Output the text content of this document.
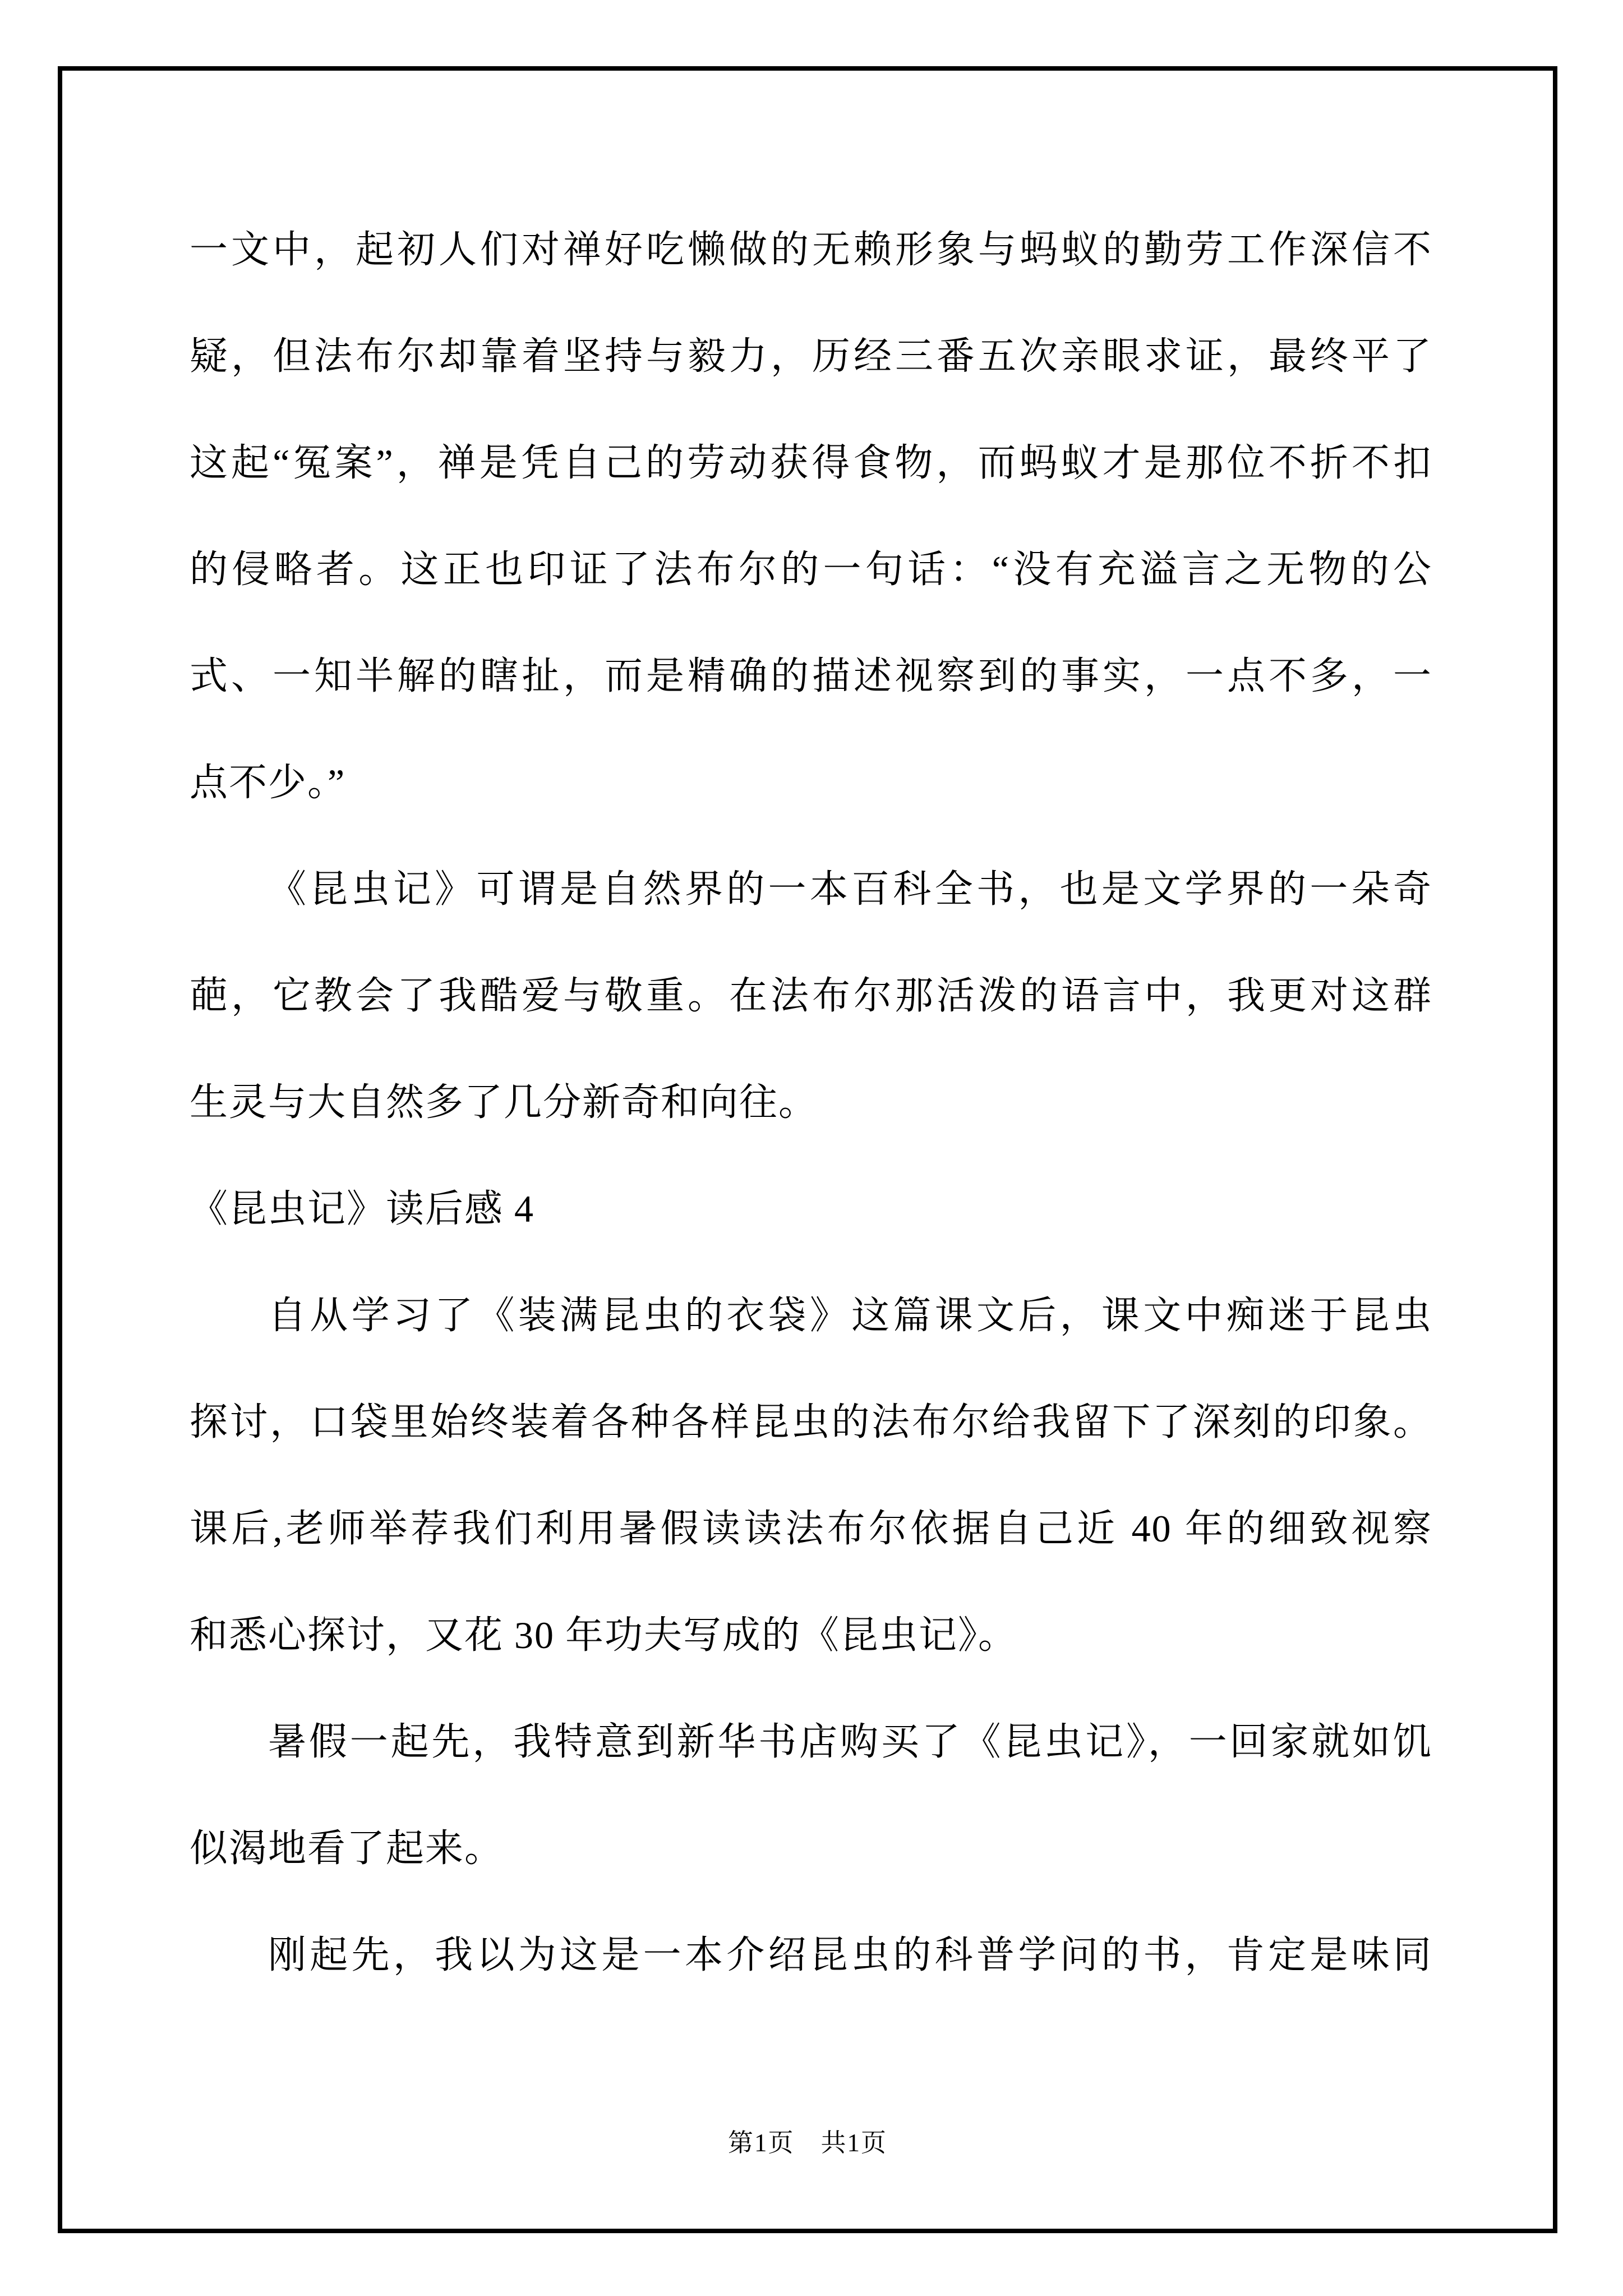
一文中，起初人们对禅好吃懒做的无赖形象与蚂蚁的勤劳工作深信不
疑，但法布尔却靠着坚持与毅力，历经三番五次亲眼求证，最终平了
这起“冤案”，禅是凭自己的劳动获得食物，而蚂蚁才是那位不折不扣
的侵略者。这正也印证了法布尔的一句话：“没有充溢言之无物的公
式、一知半解的瞎扯，而是精确的描述视察到的事实，一点不多，一
点不少。”
《昆虫记》可谓是自然界的一本百科全书，也是文学界的一朵奇
葩，它教会了我酷爱与敬重。在法布尔那活泼的语言中，我更对这群
生灵与大自然多了几分新奇和向往。
《昆虫记》读后感 4
自从学习了《装满昆虫的衣袋》这篇课文后，课文中痴迷于昆虫
探讨，口袋里始终装着各种各样昆虫的法布尔给我留下了深刻的印象。
课后,老师举荐我们利用暑假读读法布尔依据自己近 40 年的细致视察
和悉心探讨，又花 30 年功夫写成的《昆虫记》。
暑假一起先，我特意到新华书店购买了《昆虫记》，一回家就如饥
似渴地看了起来。
刚起先，我以为这是一本介绍昆虫的科普学问的书，肯定是味同
第1页　共1页
